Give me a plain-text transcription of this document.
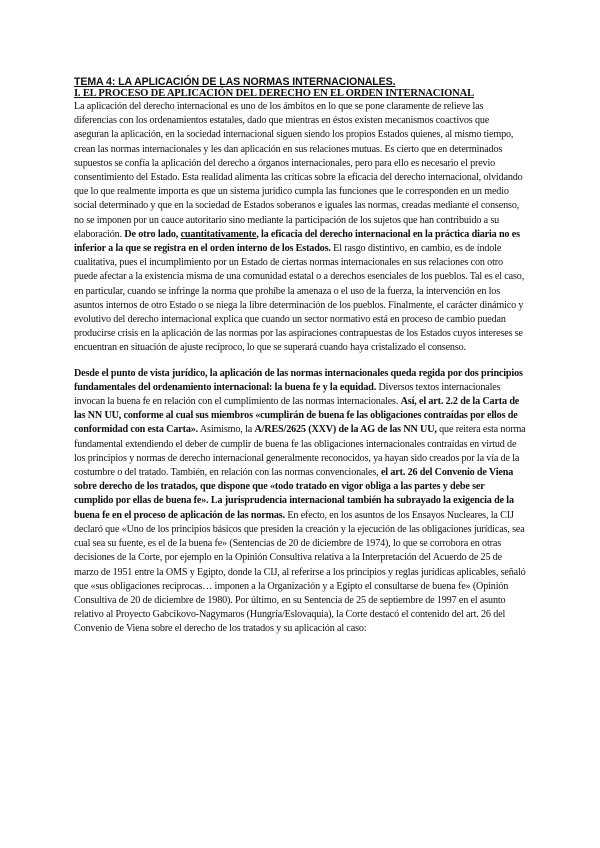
TEMA 4: LA APLICACIÓN DE LAS NORMAS INTERNACIONALES.
I. EL PROCESO DE APLICACIÓN DEL DERECHO EN EL ORDEN INTERNACIONAL

La aplicación del derecho internacional es uno de los ámbitos en lo que se pone claramente de relieve las diferencias con los ordenamientos estatales, dado que mientras en éstos existen mecanismos coactivos que aseguran la aplicación, en la sociedad internacional siguen siendo los propios Estados quienes, al mismo tiempo, crean las normas internacionales y les dan aplicación en sus relaciones mutuas. Es cierto que en determinados supuestos se confía la aplicación del derecho a órganos internacionales, pero para ello es necesario el previo consentimiento del Estado. Esta realidad alimenta las críticas sobre la eficacia del derecho internacional, olvidando que lo que realmente importa es que un sistema jurídico cumpla las funciones que le corresponden en un medio social determinado y que en la sociedad de Estados soberanos e iguales las normas, creadas mediante el consenso, no se imponen por un cauce autoritario sino mediante la participación de los sujetos que han contribuido a su elaboración. De otro lado, cuantitativamente, la eficacia del derecho internacional en la práctica diaria no es inferior a la que se registra en el orden interno de los Estados. El rasgo distintivo, en cambio, es de índole cualitativa, pues el incumplimiento por un Estado de ciertas normas internacionales en sus relaciones con otro puede afectar a la existencia misma de una comunidad estatal o a derechos esenciales de los pueblos. Tal es el caso, en particular, cuando se infringe la norma que prohíbe la amenaza o el uso de la fuerza, la intervención en los asuntos internos de otro Estado o se niega la libre determinación de los pueblos. Finalmente, el carácter dinámico y evolutivo del derecho internacional explica que cuando un sector normativo está en proceso de cambio puedan producirse crisis en la aplicación de las normas por las aspiraciones contrapuestas de los Estados cuyos intereses se encuentran en situación de ajuste recíproco, lo que se superará cuando haya cristalizado el consenso.

Desde el punto de vista jurídico, la aplicación de las normas internacionales queda regida por dos principios fundamentales del ordenamiento internacional: la buena fe y la equidad. Diversos textos internacionales invocan la buena fe en relación con el cumplimiento de las normas internacionales. Así, el art. 2.2 de la Carta de las NN UU, conforme al cual sus miembros «cumplirán de buena fe las obligaciones contraídas por ellos de conformidad con esta Carta». Asimismo, la A/RES/2625 (XXV) de la AG de las NN UU, que reitera esta norma fundamental extendiendo el deber de cumplir de buena fe las obligaciones internacionales contraídas en virtud de los principios y normas de derecho internacional generalmente reconocidos, ya hayan sido creados por la vía de la costumbre o del tratado. También, en relación con las normas convencionales, el art. 26 del Convenio de Viena sobre derecho de los tratados, que dispone que «todo tratado en vigor obliga a las partes y debe ser cumplido por ellas de buena fe». La jurisprudencia internacional también ha subrayado la exigencia de la buena fe en el proceso de aplicación de las normas. En efecto, en los asuntos de los Ensayos Nucleares, la CIJ declaró que «Uno de los principios básicos que presiden la creación y la ejecución de las obligaciones jurídicas, sea cual sea su fuente, es el de la buena fe» (Sentencias de 20 de diciembre de 1974), lo que se corrobora en otras decisiones de la Corte, por ejemplo en la Opinión Consultiva relativa a la Interpretación del Acuerdo de 25 de marzo de 1951 entre la OMS y Egipto, donde la CIJ, al referirse a los principios y reglas jurídicas aplicables, señaló que «sus obligaciones recíprocas… imponen a la Organización y a Egipto el consultarse de buena fe» (Opinión Consultiva de 20 de diciembre de 1980). Por último, en su Sentencia de 25 de septiembre de 1997 en el asunto relativo al Proyecto Gabcikovo-Nagymaros (Hungría/Eslovaquia), la Corte destacó el contenido del art. 26 del Convenio de Viena sobre el derecho de los tratados y su aplicación al caso:
